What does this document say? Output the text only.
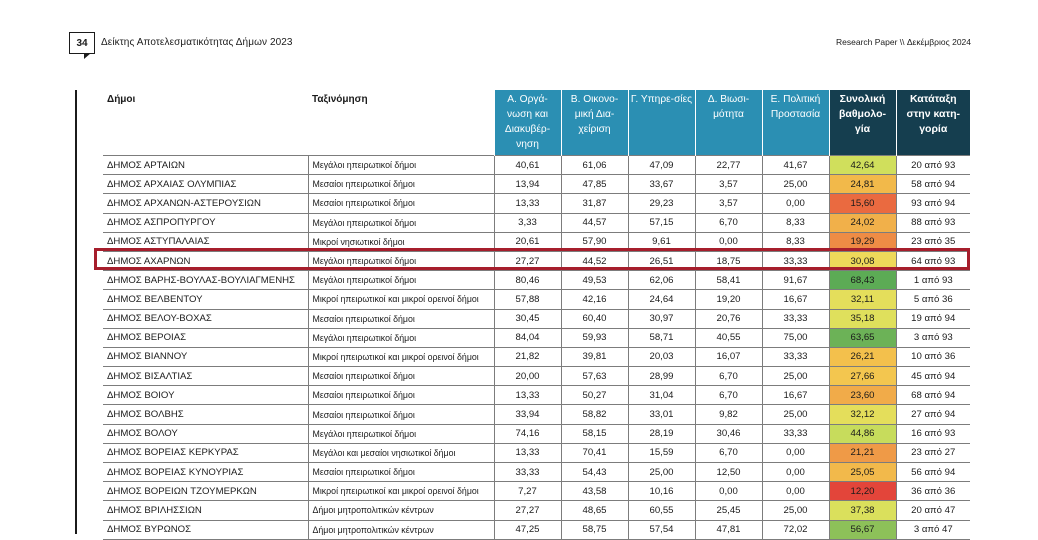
34	Δείκτης Αποτελεσματικότητας Δήμων 2023	Research Paper \\ Δεκέμβριος 2024
Δήμοι	Ταξινόμηση	Α. Οργά-νωση και Διακυβέρ-νηση	Β. Οικονο-μική Δια-χείριση	Γ. Υπηρε-σίες	Δ. Βιωσι-μότητα	Ε. Πολιτική Προστασία	Συνολική βαθμολο-γία	Κατάταξη στην κατη-γορία
ΔΗΜΟΣ ΑΡΤΑΙΩΝ	Μεγάλοι ηπειρωτικοί δήμοι	40,61	61,06	47,09	22,77	41,67	42,64	20 από 93
ΔΗΜΟΣ ΑΡΧΑΙΑΣ ΟΛΥΜΠΙΑΣ	Μεσαίοι ηπειρωτικοί δήμοι	13,94	47,85	33,67	3,57	25,00	24,81	58 από 94
ΔΗΜΟΣ ΑΡΧΑΝΩΝ-ΑΣΤΕΡΟΥΣΙΩΝ	Μεσαίοι ηπειρωτικοί δήμοι	13,33	31,87	29,23	3,57	0,00	15,60	93 από 94
ΔΗΜΟΣ ΑΣΠΡΟΠΥΡΓΟΥ	Μεγάλοι ηπειρωτικοί δήμοι	3,33	44,57	57,15	6,70	8,33	24,02	88 από 93
ΔΗΜΟΣ ΑΣΤΥΠΑΛΑΙΑΣ	Μικροί νησιωτικοί δήμοι	20,61	57,90	9,61	0,00	8,33	19,29	23 από 35
ΔΗΜΟΣ ΑΧΑΡΝΩΝ	Μεγάλοι ηπειρωτικοί δήμοι	27,27	44,52	26,51	18,75	33,33	30,08	64 από 93
ΔΗΜΟΣ ΒΑΡΗΣ-ΒΟΥΛΑΣ-ΒΟΥΛΙΑΓΜΕΝΗΣ	Μεγάλοι ηπειρωτικοί δήμοι	80,46	49,53	62,06	58,41	91,67	68,43	1 από 93
ΔΗΜΟΣ ΒΕΛΒΕΝΤΟΥ	Μικροί ηπειρωτικοί και μικροί ορεινοί δήμοι	57,88	42,16	24,64	19,20	16,67	32,11	5 από 36
ΔΗΜΟΣ ΒΕΛΟΥ-ΒΟΧΑΣ	Μεσαίοι ηπειρωτικοί δήμοι	30,45	60,40	30,97	20,76	33,33	35,18	19 από 94
ΔΗΜΟΣ ΒΕΡΟΙΑΣ	Μεγάλοι ηπειρωτικοί δήμοι	84,04	59,93	58,71	40,55	75,00	63,65	3 από 93
ΔΗΜΟΣ ΒΙΑΝΝΟΥ	Μικροί ηπειρωτικοί και μικροί ορεινοί δήμοι	21,82	39,81	20,03	16,07	33,33	26,21	10 από 36
ΔΗΜΟΣ ΒΙΣΑΛΤΙΑΣ	Μεσαίοι ηπειρωτικοί δήμοι	20,00	57,63	28,99	6,70	25,00	27,66	45 από 94
ΔΗΜΟΣ ΒΟΙΟΥ	Μεσαίοι ηπειρωτικοί δήμοι	13,33	50,27	31,04	6,70	16,67	23,60	68 από 94
ΔΗΜΟΣ ΒΟΛΒΗΣ	Μεσαίοι ηπειρωτικοί δήμοι	33,94	58,82	33,01	9,82	25,00	32,12	27 από 94
ΔΗΜΟΣ ΒΟΛΟΥ	Μεγάλοι ηπειρωτικοί δήμοι	74,16	58,15	28,19	30,46	33,33	44,86	16 από 93
ΔΗΜΟΣ ΒΟΡΕΙΑΣ ΚΕΡΚΥΡΑΣ	Μεγάλοι και μεσαίοι νησιωτικοί δήμοι	13,33	70,41	15,59	6,70	0,00	21,21	23 από 27
ΔΗΜΟΣ ΒΟΡΕΙΑΣ ΚΥΝΟΥΡΙΑΣ	Μεσαίοι ηπειρωτικοί δήμοι	33,33	54,43	25,00	12,50	0,00	25,05	56 από 94
ΔΗΜΟΣ ΒΟΡΕΙΩΝ ΤΖΟΥΜΕΡΚΩΝ	Μικροί ηπειρωτικοί και μικροί ορεινοί δήμοι	7,27	43,58	10,16	0,00	0,00	12,20	36 από 36
ΔΗΜΟΣ ΒΡΙΛΗΣΣΙΩΝ	Δήμοι μητροπολιτικών κέντρων	27,27	48,65	60,55	25,45	25,00	37,38	20 από 47
ΔΗΜΟΣ ΒΥΡΩΝΟΣ	Δήμοι μητροπολιτικών κέντρων	47,25	58,75	57,54	47,81	72,02	56,67	3 από 47
